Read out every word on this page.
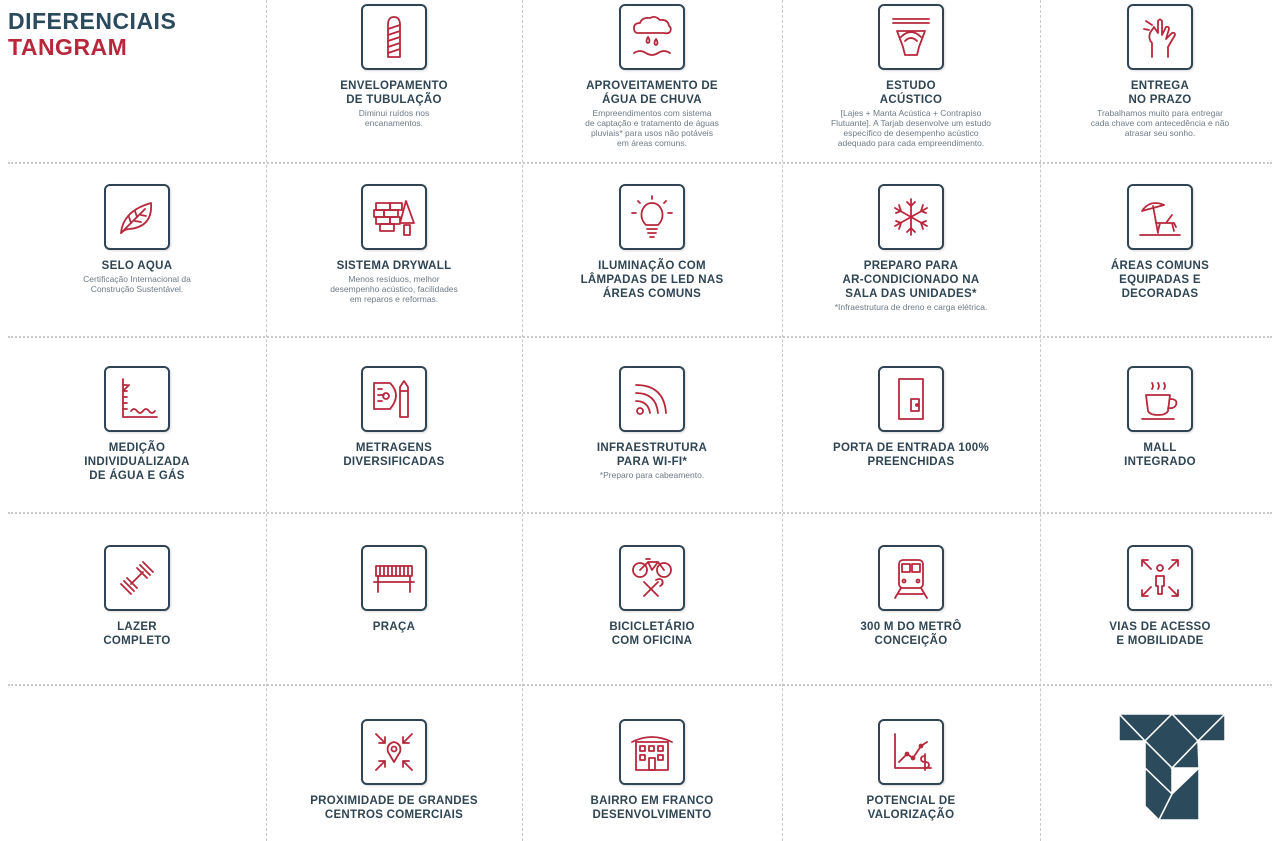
DIFERENCIAIS
TANGRAM
ENVELOPAMENTO
DE TUBULAÇÃO
Diminui ruídos nos
encanamentos.
APROVEITAMENTO DE
ÁGUA DE CHUVA
Empreendimentos com sistema
de captação e tratamento de águas
pluviais* para usos não potáveis
em áreas comuns.
ESTUDO
ACÚSTICO
[Lajes + Manta Acústica + Contrapiso
Flutuante]. A Tarjab desenvolve um estudo
específico de desempenho acústico
adequado para cada empreendimento.
ENTREGA
NO PRAZO
Trabalhamos muito para entregar
cada chave com antecedência e não
atrasar seu sonho.
SELO AQUA
Certificação Internacional da
Construção Sustentável.
SISTEMA DRYWALL
Menos resíduos, melhor
desempenho acústico, facilidades
em reparos e reformas.
ILUMINAÇÃO COM
LÂMPADAS DE LED NAS
ÁREAS COMUNS
PREPARO PARA
AR-CONDICIONADO NA
SALA DAS UNIDADES*
*Infraestrutura de dreno e carga elétrica.
ÁREAS COMUNS
EQUIPADAS E
DECORADAS
MEDIÇÃO
INDIVIDUALIZADA
DE ÁGUA E GÁS
METRAGENS
DIVERSIFICADAS
INFRAESTRUTURA
PARA WI-FI*
*Preparo para cabeamento.
PORTA DE ENTRADA 100%
PREENCHIDAS
MALL
INTEGRADO
LAZER
COMPLETO
PRAÇA	BICICLETÁRIO
COM OFICINA
300 M DO METRÔ
CONCEIÇÃO
VIAS DE ACESSO
E MOBILIDADE
PROXIMIDADE DE GRANDES
CENTROS COMERCIAIS
BAIRRO EM FRANCO
DESENVOLVIMENTO
POTENCIAL DE
VALORIZAÇÃO
